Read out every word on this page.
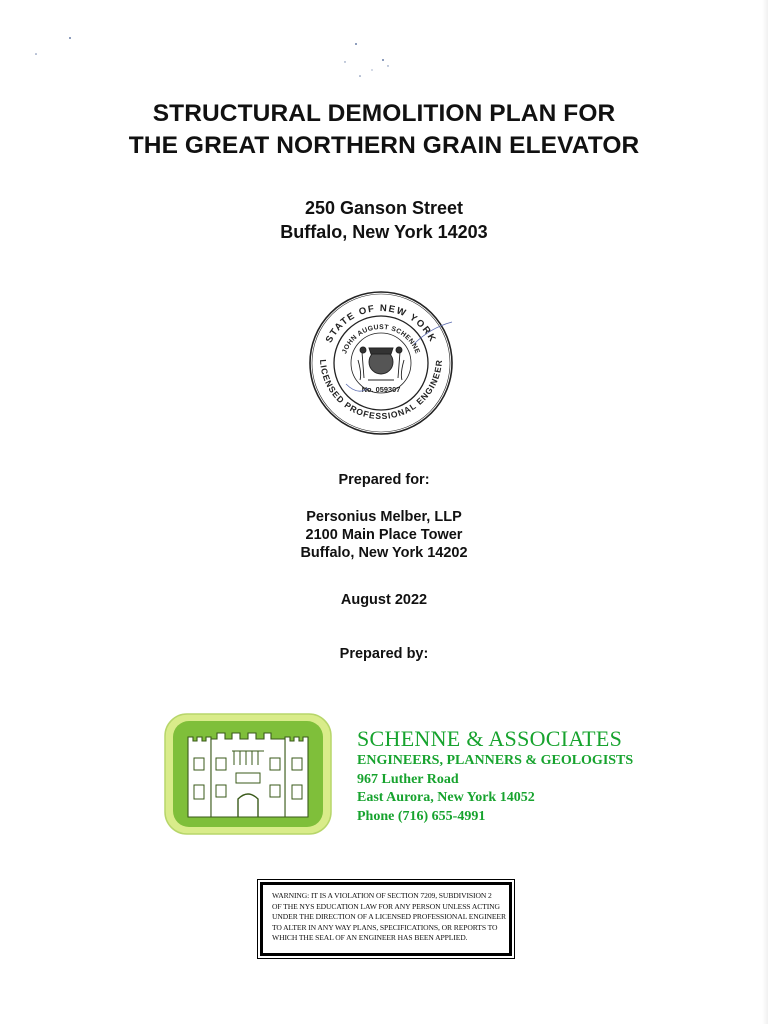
STRUCTURAL DEMOLITION PLAN FOR
THE GREAT NORTHERN GRAIN ELEVATOR
250 Ganson Street
Buffalo, New York 14203
STATE OF NEW YORK
LICENSED PROFESSIONAL ENGINEER
JOHN AUGUST SCHENNE
No. 059307
Prepared for:
Personius Melber, LLP
2100 Main Place Tower
Buffalo, New York 14202
August 2022
Prepared by:
SCHENNE & ASSOCIATES
ENGINEERS, PLANNERS & GEOLOGISTS
967 Luther Road
East Aurora, New York 14052
Phone (716) 655-4991
WARNING: IT IS A VIOLATION OF SECTION 7209, SUBDIVISION 2
OF THE NYS EDUCATION LAW FOR ANY PERSON UNLESS ACTING
UNDER THE DIRECTION OF A LICENSED PROFESSIONAL ENGINEER
TO ALTER IN ANY WAY PLANS, SPECIFICATIONS, OR REPORTS TO
WHICH THE SEAL OF AN ENGINEER HAS BEEN APPLIED.
